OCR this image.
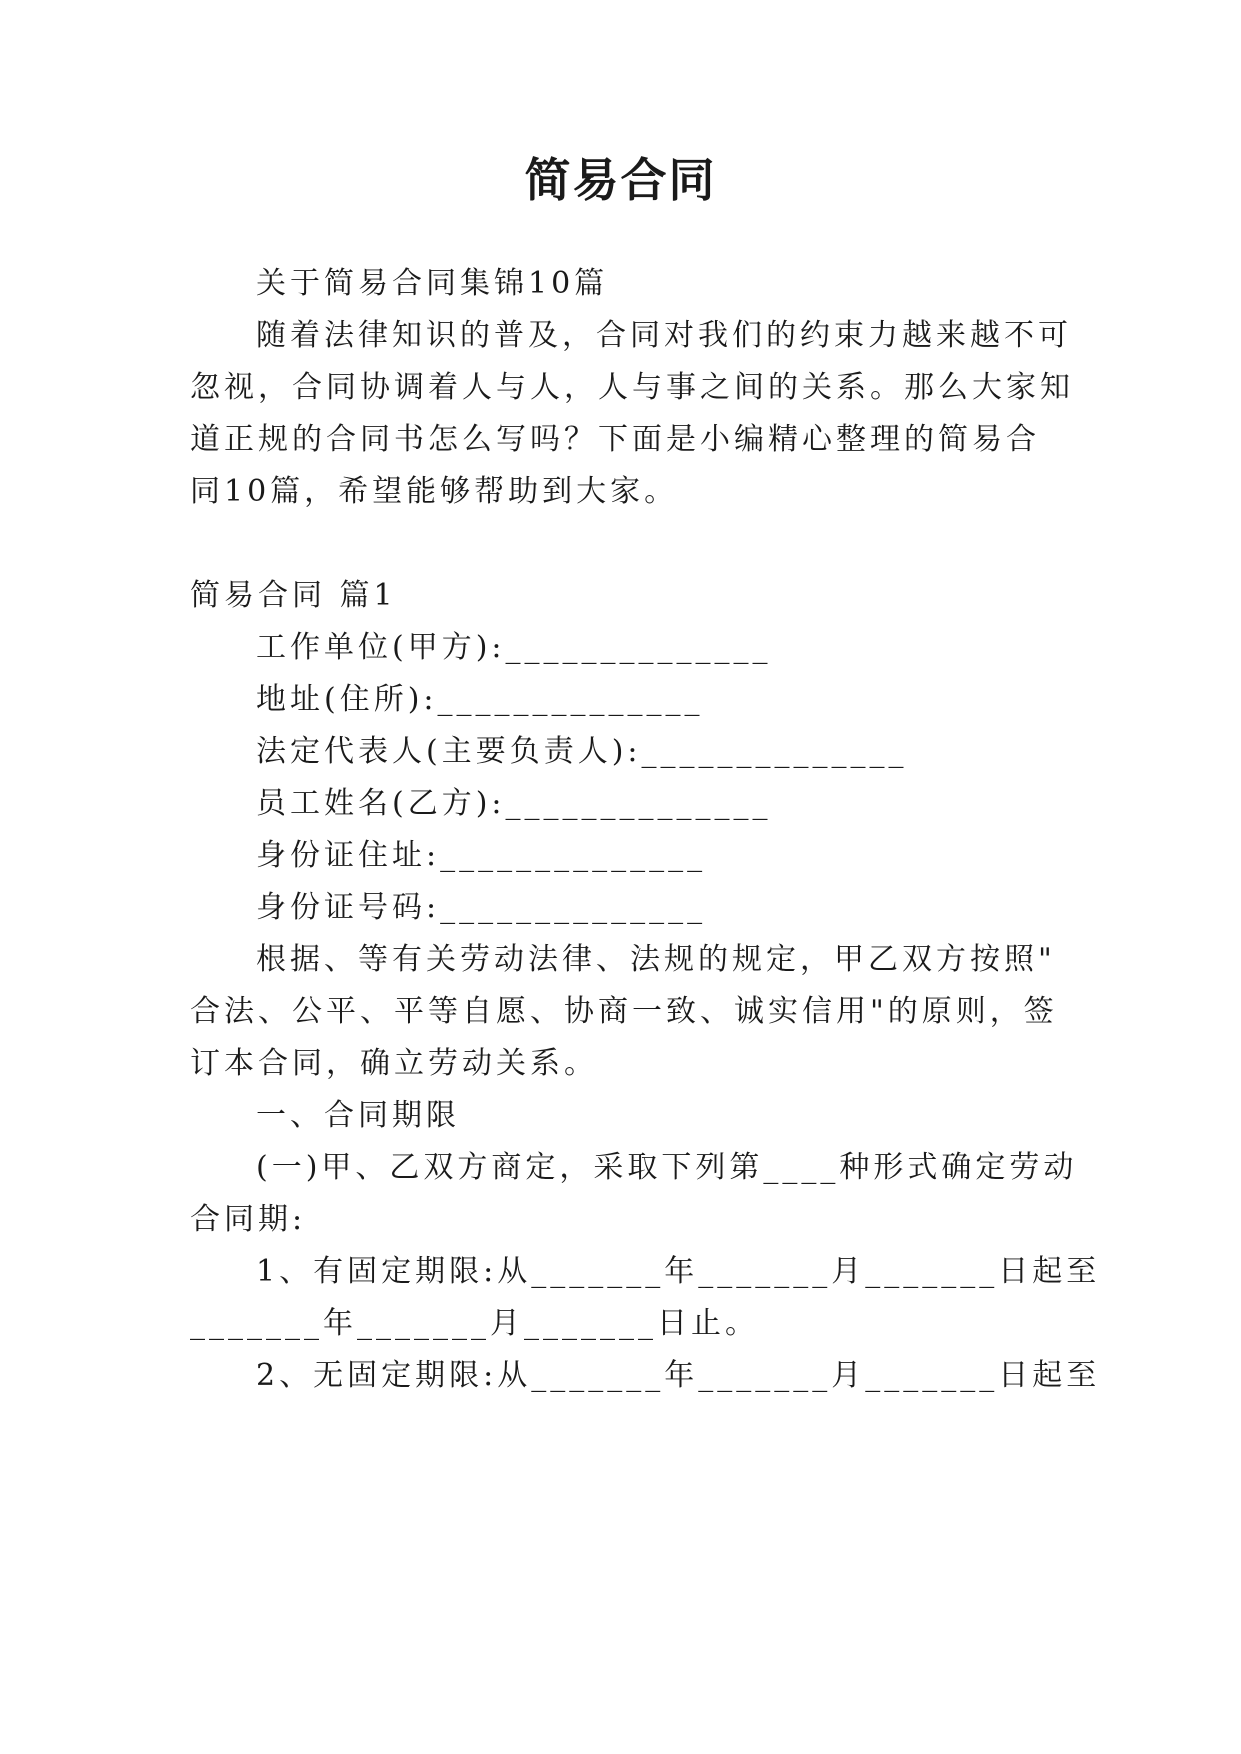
简易合同
关于简易合同集锦10篇
随着法律知识的普及，合同对我们的约束力越来越不可
忽视，合同协调着人与人，人与事之间的关系。那么大家知
道正规的合同书怎么写吗？下面是小编精心整理的简易合
同10篇，希望能够帮助到大家。
简易合同 篇1
工作单位(甲方):______________
地址(住所):______________
法定代表人(主要负责人):______________
员工姓名(乙方):______________
身份证住址:______________
身份证号码:______________
根据、等有关劳动法律、法规的规定，甲乙双方按照"
合法、公平、平等自愿、协商一致、诚实信用"的原则，签
订本合同，确立劳动关系。
一、合同期限
(一)甲、乙双方商定，采取下列第____种形式确定劳动
合同期:
1、有固定期限:从_______年_______月_______日起至
_______年_______月_______日止。
2、无固定期限:从_______年_______月_______日起至
